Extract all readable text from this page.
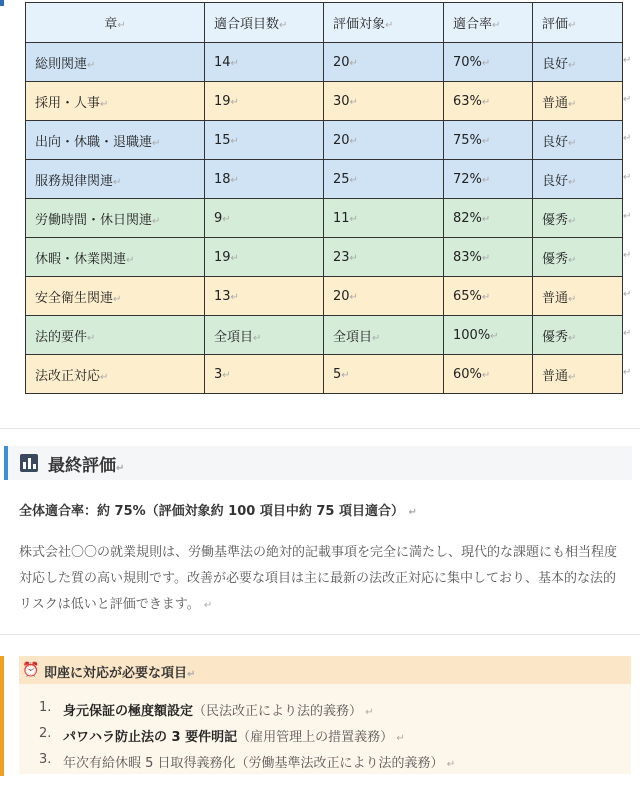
章↵	適合項目数↵	評価対象↵	適合率↵	評価↵
総則関連↵	14↵	20↵	70%↵	良好↵
採用・人事↵	19↵	30↵	63%↵	普通↵
出向・休職・退職連↵	15↵	20↵	75%↵	良好↵
服務規律関連↵	18↵	25↵	72%↵	良好↵
労働時間・休日関連↵	9↵	11↵	82%↵	優秀↵
休暇・休業関連↵	19↵	23↵	83%↵	優秀↵
安全衛生関連↵	13↵	20↵	65%↵	普通↵
法的要件↵	全項目↵	全項目↵	100%↵	優秀↵
法改正対応↵	3↵	5↵	60%↵	普通↵
↵
↵
↵
↵
↵
↵
↵
↵
↵
最終評価↵
全体適合率：約 75%（評価対象約 100 項目中約 75 項目適合） ↵
株式会社〇〇の就業規則は、労働基準法の絶対的記載事項を完全に満たし、現代的な課題にも相当程度対応した質の高い規則です。改善が必要な項目は主に最新の法改正対応に集中しており、基本的な法的リスクは低いと評価できます。 ↵
⏰ 即座に対応が必要な項目↵
1. 身元保証の極度額設定（民法改正により法的義務） ↵
2. パワハラ防止法の 3 要件明記（雇用管理上の措置義務） ↵
3. 年次有給休暇 5 日取得義務化（労働基準法改正により法的義務） ↵
